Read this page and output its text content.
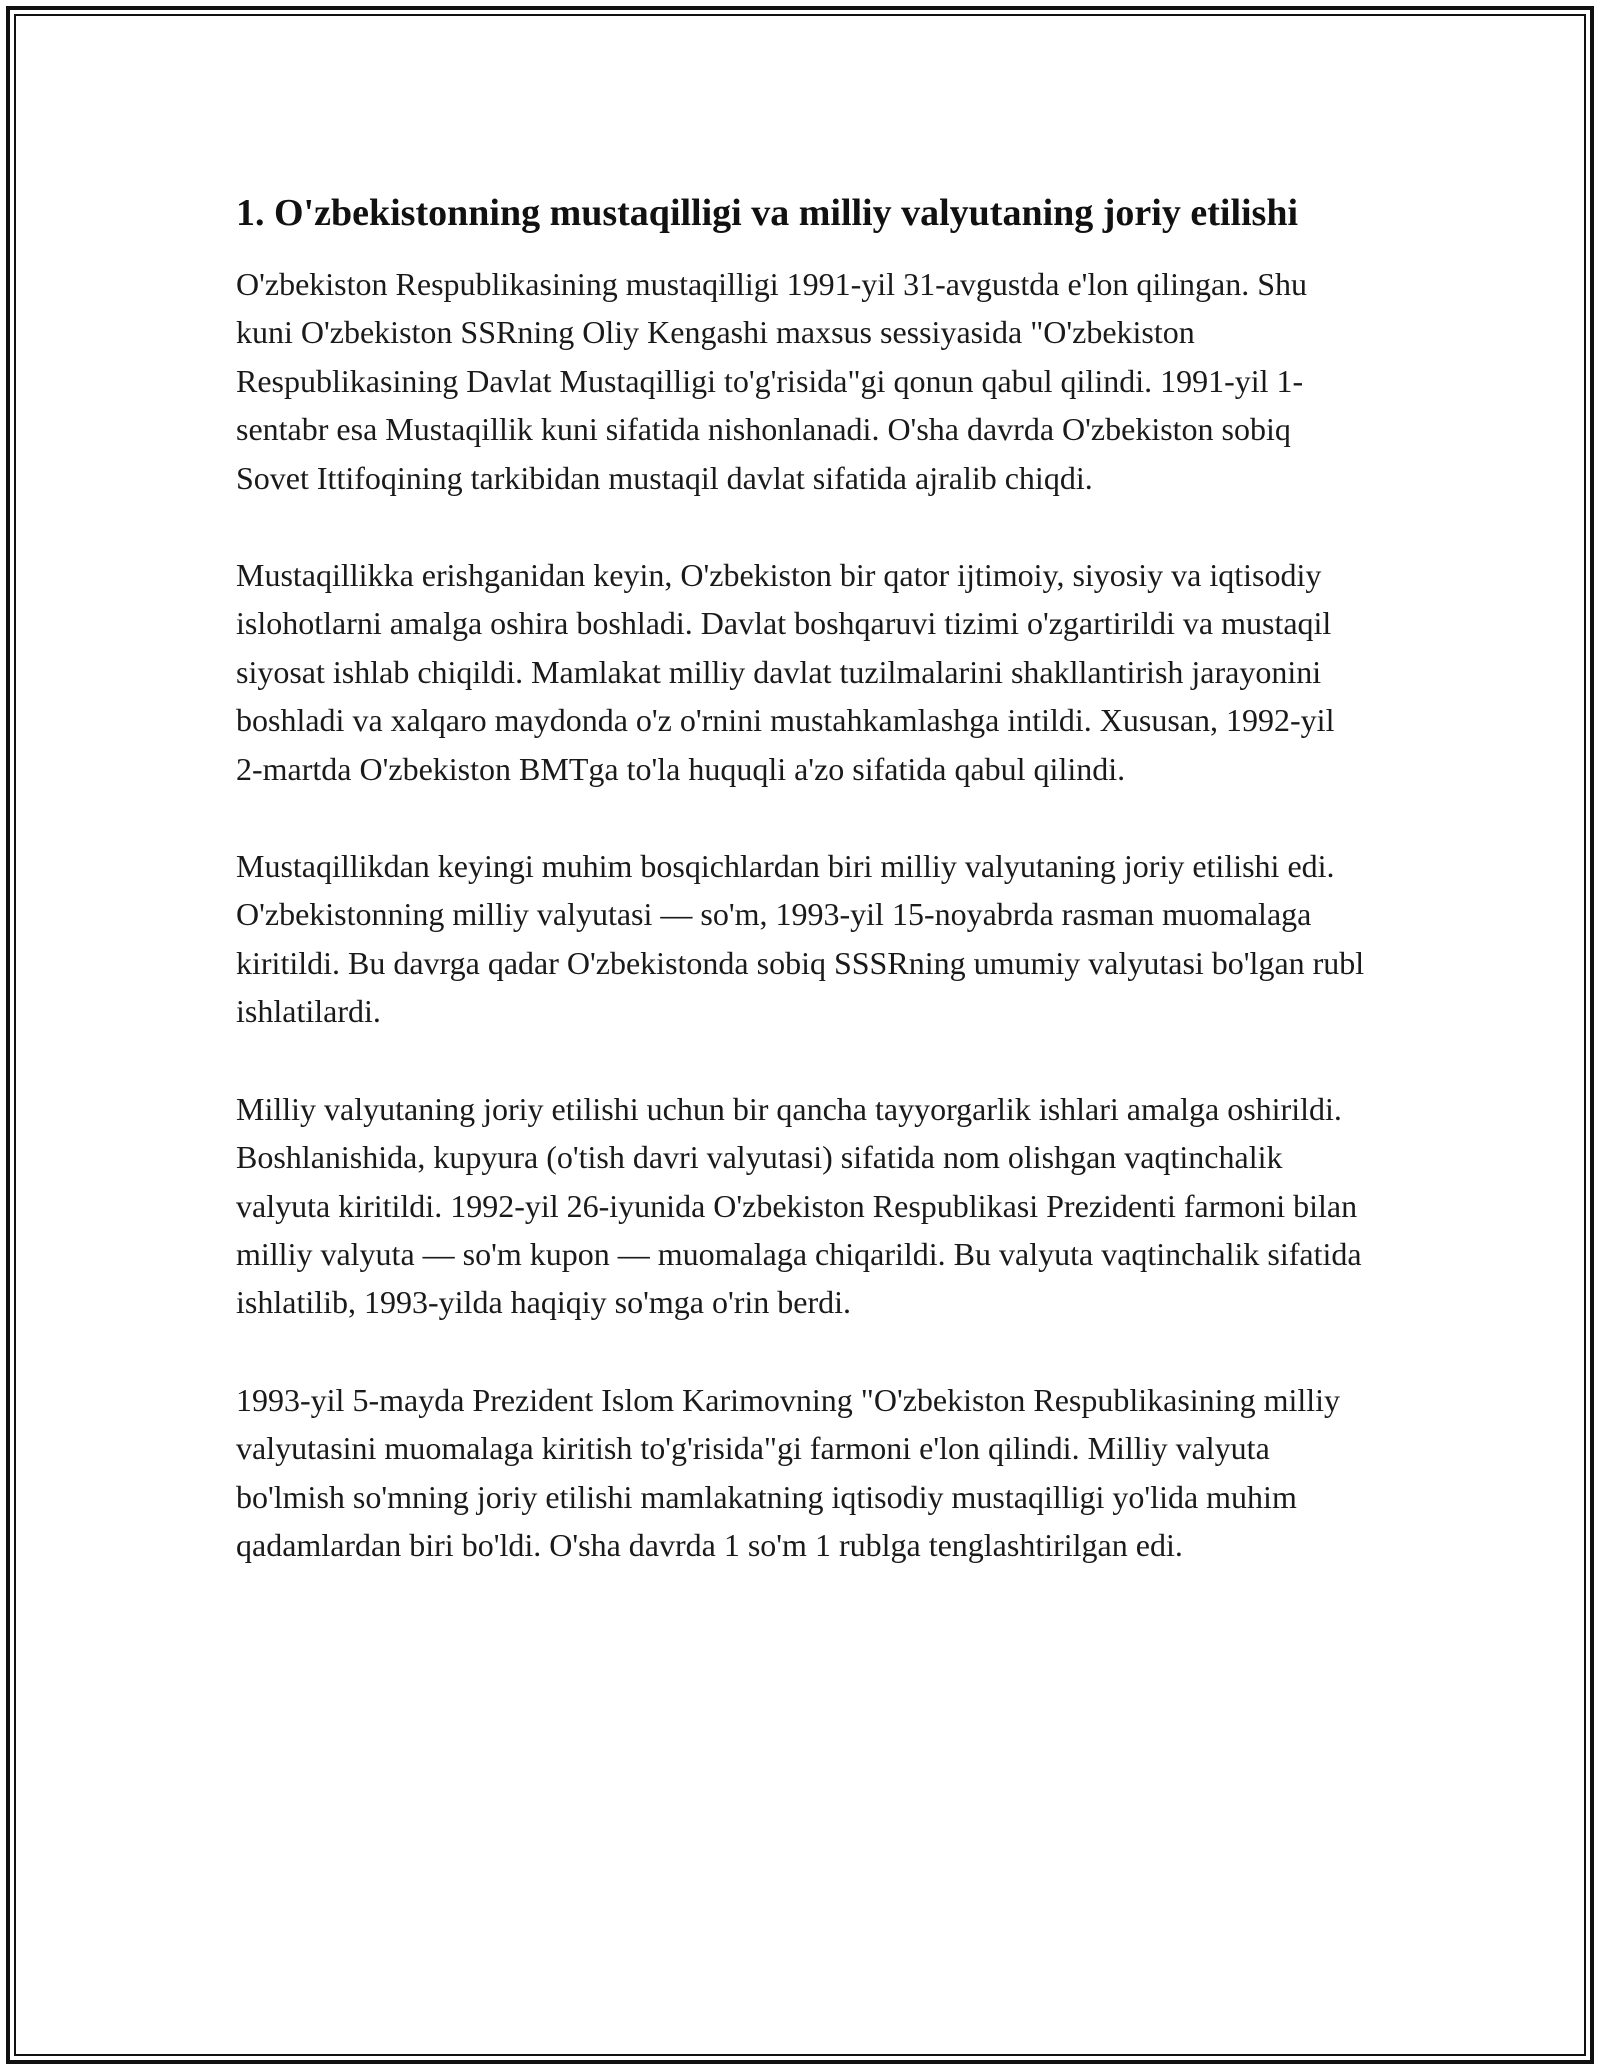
1. O'zbekistonning mustaqilligi va milliy valyutaning joriy etilishi

O'zbekiston Respublikasining mustaqilligi 1991-yil 31-avgustda e'lon qilingan. Shu kuni O'zbekiston SSRning Oliy Kengashi maxsus sessiyasida "O'zbekiston Respublikasining Davlat Mustaqilligi to'g'risida"gi qonun qabul qilindi. 1991-yil 1-sentabr esa Mustaqillik kuni sifatida nishonlanadi. O'sha davrda O'zbekiston sobiq Sovet Ittifoqining tarkibidan mustaqil davlat sifatida ajralib chiqdi.

Mustaqillikka erishganidan keyin, O'zbekiston bir qator ijtimoiy, siyosiy va iqtisodiy islohotlarni amalga oshira boshladi. Davlat boshqaruvi tizimi o'zgartirildi va mustaqil siyosat ishlab chiqildi. Mamlakat milliy davlat tuzilmalarini shakllantirish jarayonini boshladi va xalqaro maydonda o'z o'rnini mustahkamlashga intildi. Xususan, 1992-yil 2-martda O'zbekiston BMTga to'la huquqli a'zo sifatida qabul qilindi.

Mustaqillikdan keyingi muhim bosqichlardan biri milliy valyutaning joriy etilishi edi. O'zbekistonning milliy valyutasi — so'm, 1993-yil 15-noyabrda rasman muomalaga kiritildi. Bu davrga qadar O'zbekistonda sobiq SSSRning umumiy valyutasi bo'lgan rubl ishlatilardi.

Milliy valyutaning joriy etilishi uchun bir qancha tayyorgarlik ishlari amalga oshirildi. Boshlanishida, kupyura (o'tish davri valyutasi) sifatida nom olishgan vaqtinchalik valyuta kiritildi. 1992-yil 26-iyunida O'zbekiston Respublikasi Prezidenti farmoni bilan milliy valyuta — so'm kupon — muomalaga chiqarildi. Bu valyuta vaqtinchalik sifatida ishlatilib, 1993-yilda haqiqiy so'mga o'rin berdi.

1993-yil 5-mayda Prezident Islom Karimovning "O'zbekiston Respublikasining milliy valyutasini muomalaga kiritish to'g'risida"gi farmoni e'lon qilindi. Milliy valyuta bo'lmish so'mning joriy etilishi mamlakatning iqtisodiy mustaqilligi yo'lida muhim qadamlardan biri bo'ldi. O'sha davrda 1 so'm 1 rublga tenglashtirilgan edi.
